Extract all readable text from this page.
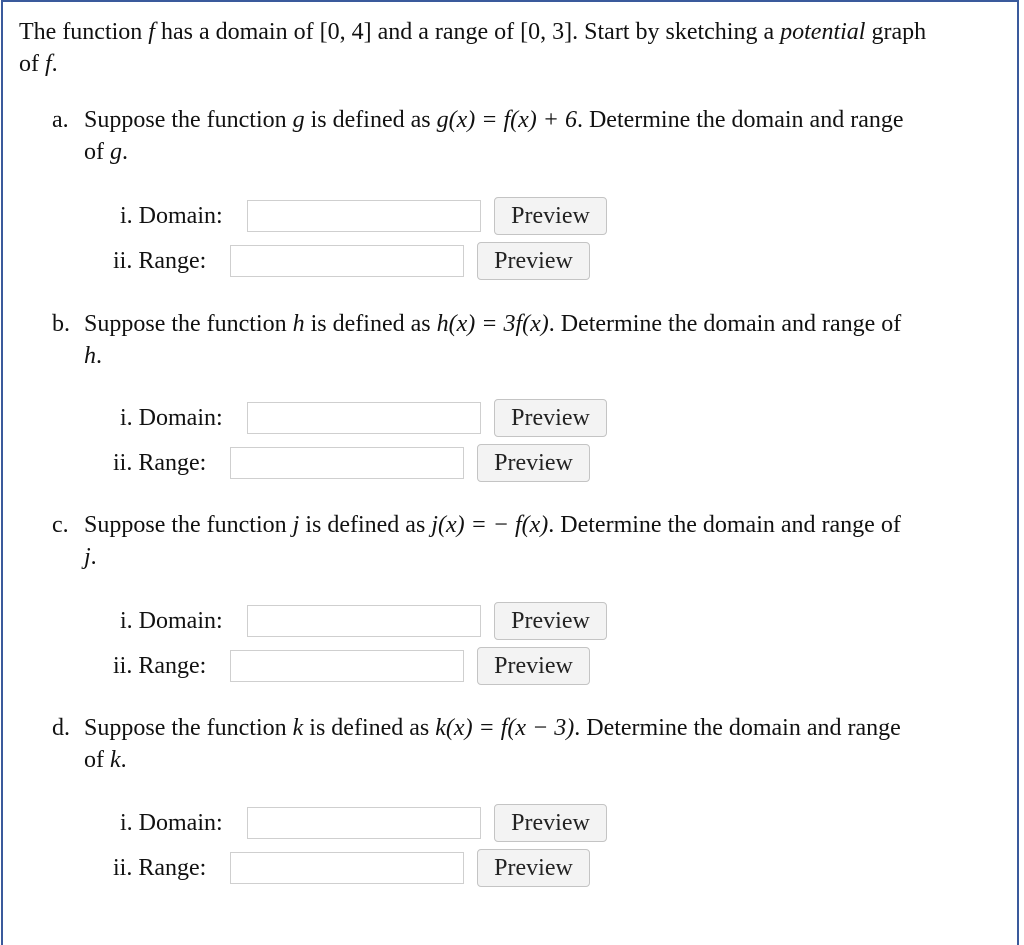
The function f has a domain of [0, 4] and a range of [0, 3]. Start by sketching a potential graph
of f.
a. Suppose the function g is defined as g(x) = f(x) + 6. Determine the domain and range
of g.
i. Domain:	Preview
ii. Range:	Preview
b. Suppose the function h is defined as h(x) = 3f(x). Determine the domain and range of
h.
i. Domain:	Preview
ii. Range:	Preview
c. Suppose the function j is defined as j(x) = − f(x). Determine the domain and range of
j.
i. Domain:	Preview
ii. Range:	Preview
d. Suppose the function k is defined as k(x) = f(x − 3). Determine the domain and range
of k.
i. Domain:	Preview
ii. Range:	Preview
